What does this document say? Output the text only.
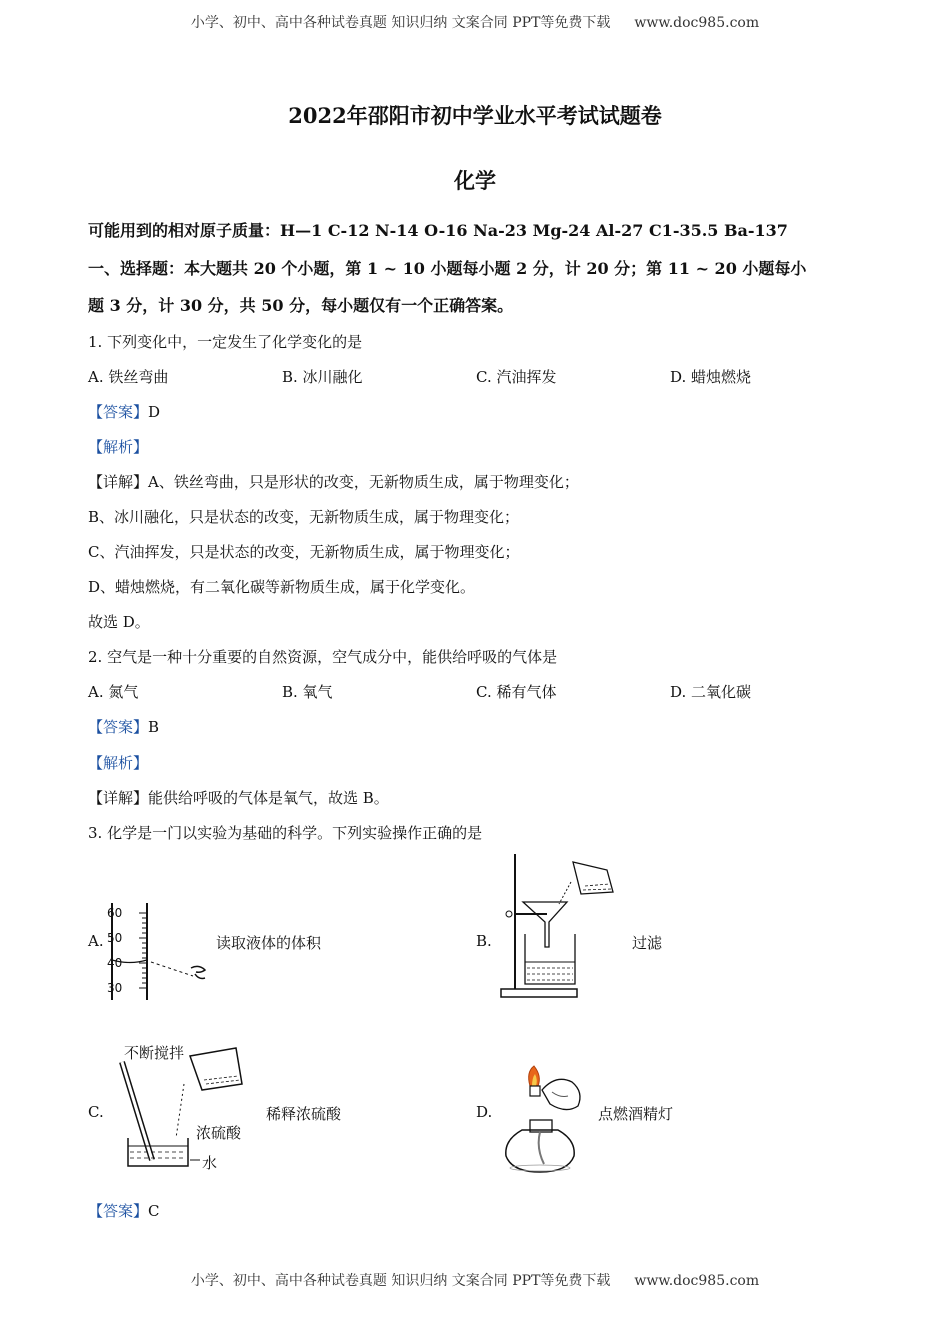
小学、初中、高中各种试卷真题 知识归纳 文案合同 PPT等免费下载 www.doc985.com
2022年邵阳市初中学业水平考试试题卷
化学
可能用到的相对原子质量：H—1 C-12 N-14 O-16 Na-23 Mg-24 Al-27 C1-35.5 Ba-137
一、选择题：本大题共 20 个小题，第 1 ~ 10 小题每小题 2 分，计 20 分；第 11 ~ 20 小题每小
题 3 分，计 30 分，共 50 分，每小题仅有一个正确答案。
1. 下列变化中，一定发生了化学变化的是
A. 铁丝弯曲	B. 冰川融化	C. 汽油挥发	D. 蜡烛燃烧
【答案】D
【解析】
【详解】A、铁丝弯曲，只是形状的改变，无新物质生成，属于物理变化；
B、冰川融化，只是状态的改变，无新物质生成，属于物理变化；
C、汽油挥发，只是状态的改变，无新物质生成，属于物理变化；
D、蜡烛燃烧，有二氧化碳等新物质生成，属于化学变化。
故选 D。
2. 空气是一种十分重要的自然资源，空气成分中，能供给呼吸的气体是
A. 氮气	B. 氧气	C. 稀有气体	D. 二氧化碳
【答案】B
【解析】
【详解】能供给呼吸的气体是氧气，故选 B。
3. 化学是一门以实验为基础的科学。下列实验操作正确的是
A.
60
50
40
30
读取液体的体积	B.	过滤
C.
不断搅拌
浓硫酸
水
稀释浓硫酸	D.	点燃酒精灯
【答案】C
小学、初中、高中各种试卷真题 知识归纳 文案合同 PPT等免费下载 www.doc985.com
